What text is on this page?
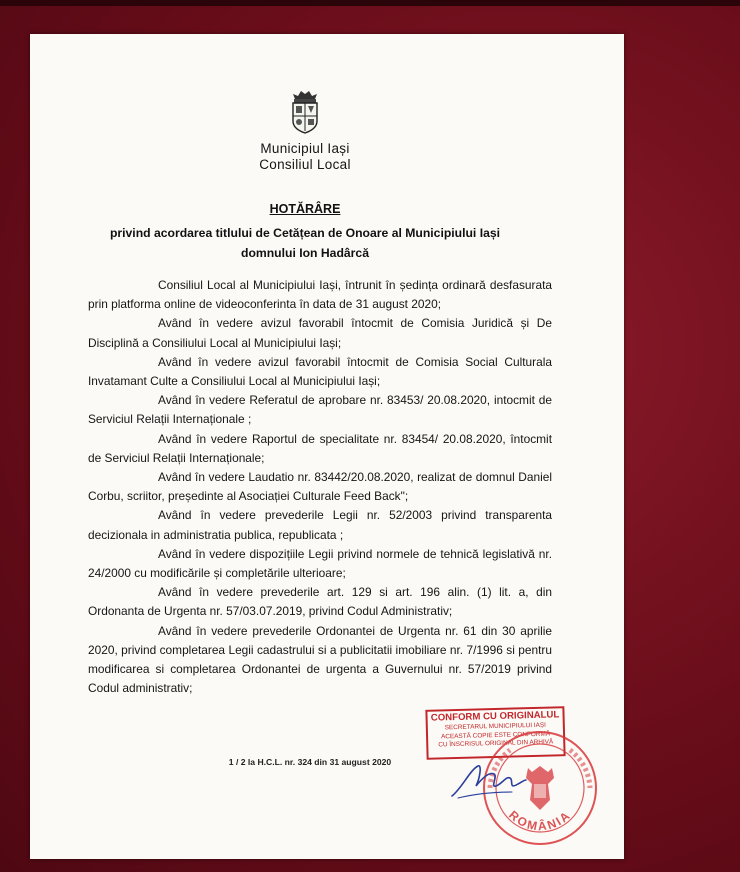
Municipiul Iași
Consiliul Local
HOTĂRÂRE
privind acordarea titlului de Cetățean de Onoare al Municipiului Iași
domnului Ion Hadârcă

Consiliul Local al Municipiului Iași, întrunit în ședința ordinară desfasurata prin platforma online de videoconferinta în data de 31 august 2020;

Având în vedere avizul favorabil întocmit de Comisia Juridică și De Disciplină a Consiliului Local al Municipiului Iași;

Având în vedere avizul favorabil întocmit de Comisia Social Culturala Invatamant Culte a Consiliului Local al Municipiului Iași;

Având în vedere Referatul de aprobare nr. 83453/ 20.08.2020, intocmit de Serviciul Relații Internaționale ;

Având în vedere Raportul de specialitate nr. 83454/ 20.08.2020, întocmit de Serviciul Relații Internaționale;

Având în vedere Laudatio nr. 83442/20.08.2020, realizat de domnul Daniel Corbu, scriitor, președinte al Asociației Culturale Feed Back";

Având în vedere prevederile Legii nr. 52/2003 privind transparenta decizionala in administratia publica, republicata ;

Având în vedere dispozițiile Legii privind normele de tehnică legislativă nr. 24/2000 cu modificările și completările ulterioare;

Având în vedere prevederile art. 129 si art. 196 alin. (1) lit. a, din Ordonanta de Urgenta nr. 57/03.07.2019, privind Codul Administrativ;

Având în vedere prevederile Ordonantei de Urgenta nr. 61 din 30 aprilie 2020, privind completarea Legii cadastrului si a publicitatii imobiliare nr. 7/1996 si pentru modificarea si completarea Ordonantei de urgenta a Guvernului nr. 57/2019 privind Codul administrativ;

CONFORM CU ORIGINALUL
SECRETARUL MUNICIPIULUI IAȘI
ACEASTĂ COPIE ESTE CONFORMĂ
CU ÎNSCRISUL ORIGINAL DIN ARHIVĂ
ROMÂNIA
1 / 2 la H.C.L. nr. 324 din 31 august 2020
